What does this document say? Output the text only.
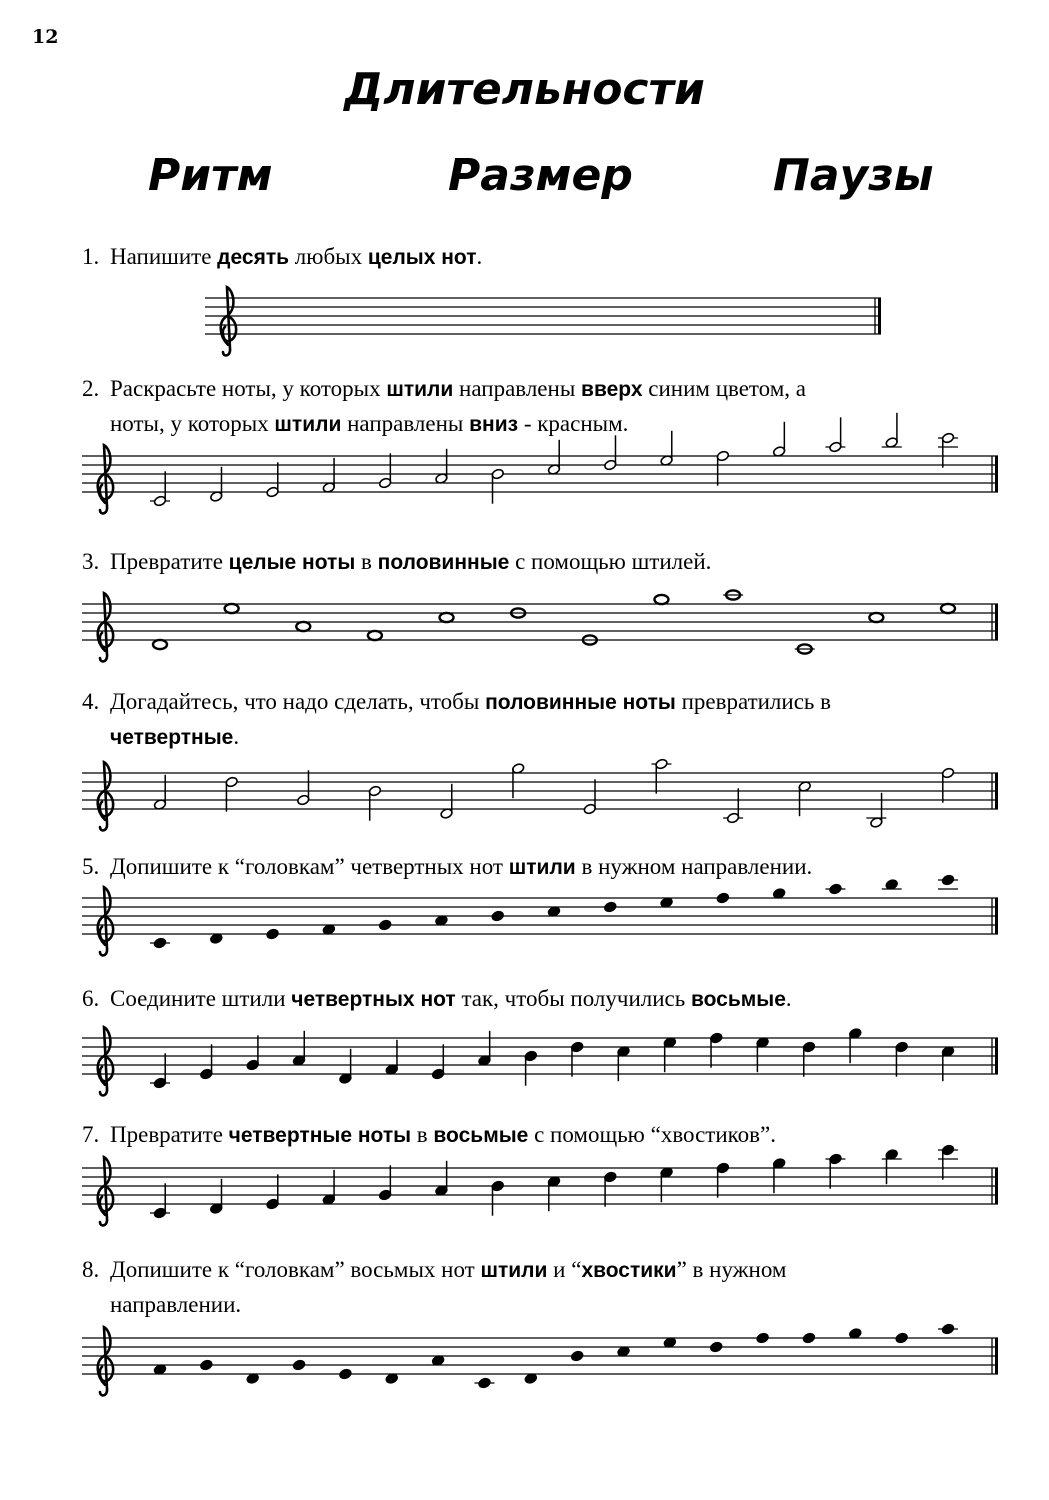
12
Длительности
Ритм	Размер	Паузы

1. Напишите десять любых целых нот.

2. Раскрасьте ноты, у которых штили направлены вверх синим цветом, а
ноты, у которых штили направлены вниз - красным.

3. Превратите целые ноты в половинные с помощью штилей.

4. Догадайтесь, что надо сделать, чтобы половинные ноты превратились в
четвертные.

5. Допишите к “головкам” четвертных нот штили в нужном направлении.

6. Соедините штили четвертных нот так, чтобы получились восьмые.

7. Превратите четвертные ноты в восьмые с помощью “хвостиков”.

8. Допишите к “головкам” восьмых нот штили и “хвостики” в нужном
направлении.
